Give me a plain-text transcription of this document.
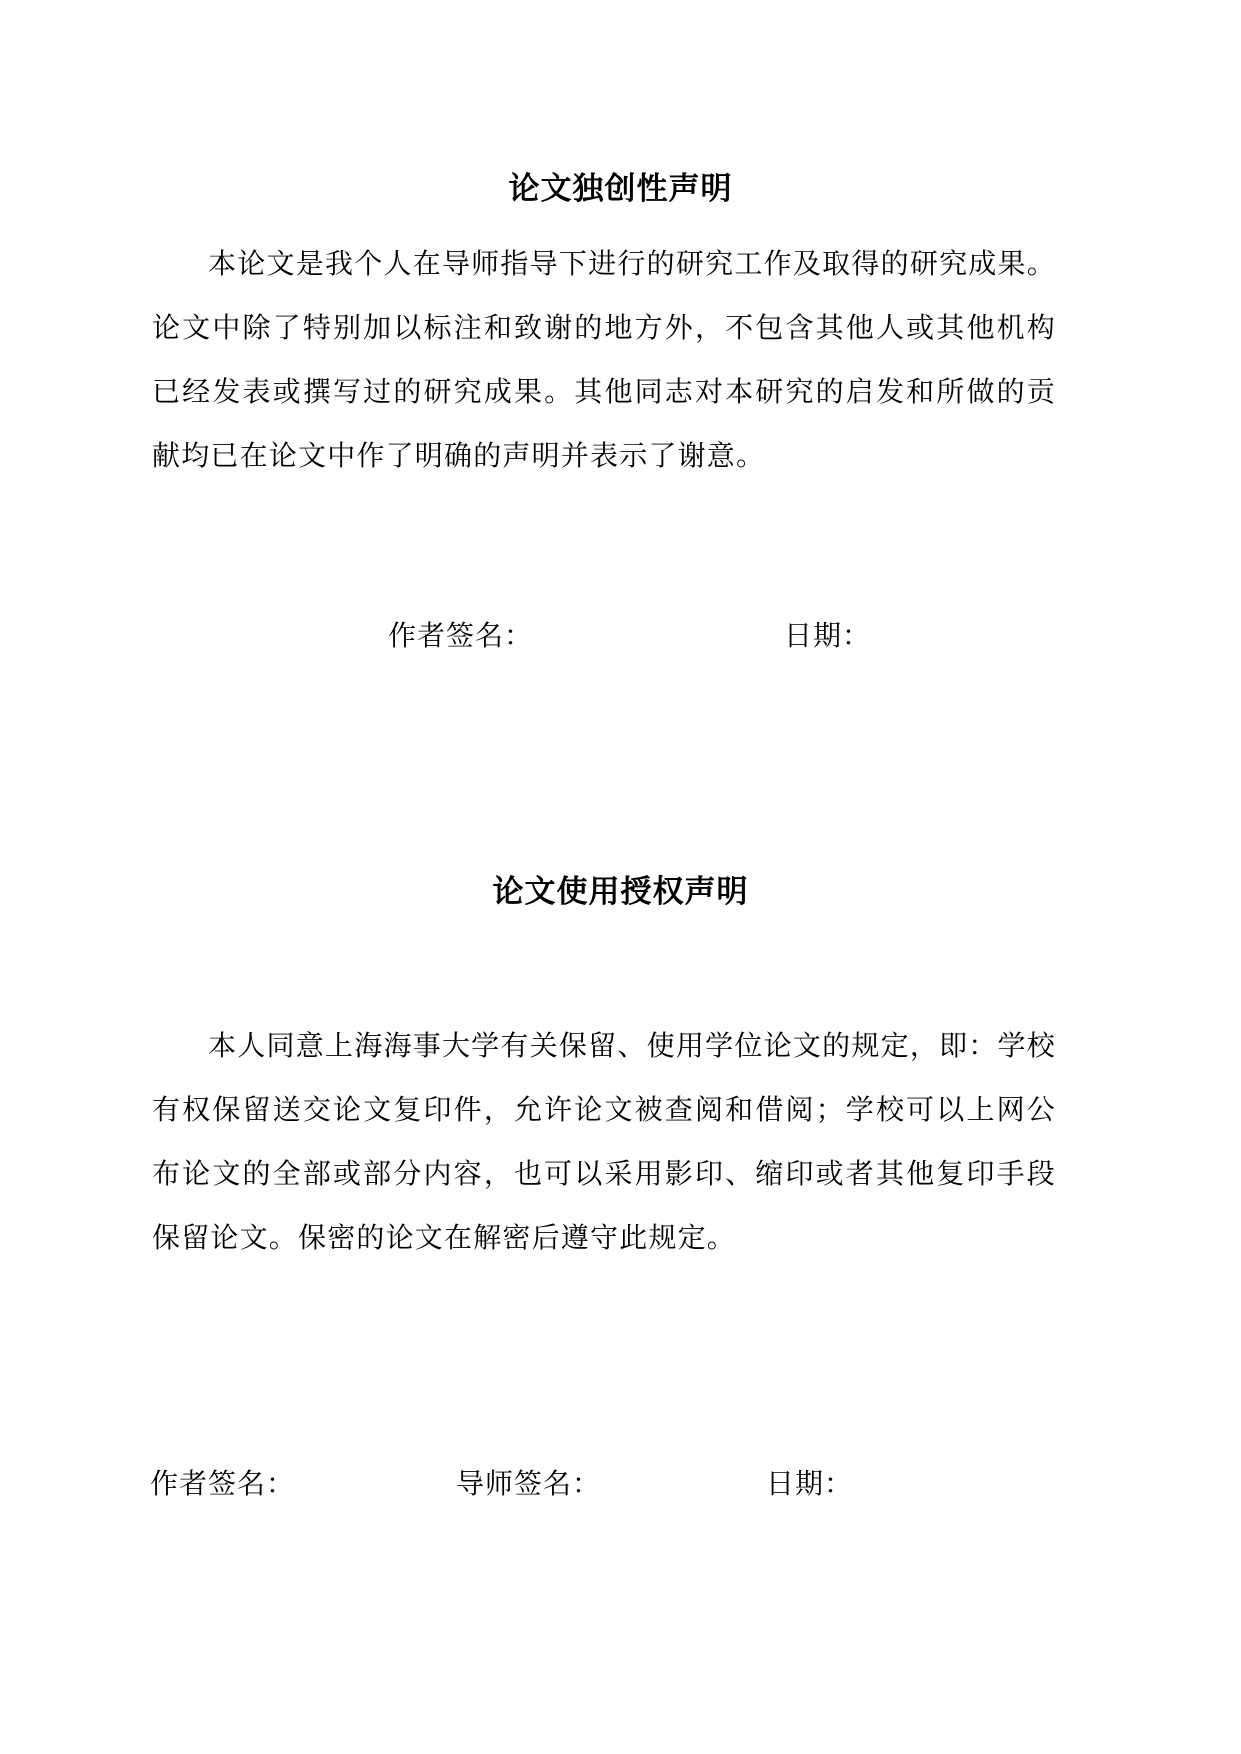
论文独创性声明

本论文是我个人在导师指导下进行的研究工作及取得的研究成果。论文中除了特别加以标注和致谢的地方外，不包含其他人或其他机构已经发表或撰写过的研究成果。其他同志对本研究的启发和所做的贡献均已在论文中作了明确的声明并表示了谢意。

作者签名：	日期：
论文使用授权声明

本人同意上海海事大学有关保留、使用学位论文的规定，即：学校有权保留送交论文复印件，允许论文被查阅和借阅；学校可以上网公布论文的全部或部分内容，也可以采用影印、缩印或者其他复印手段保留论文。保密的论文在解密后遵守此规定。

作者签名：	导师签名：	日期：
